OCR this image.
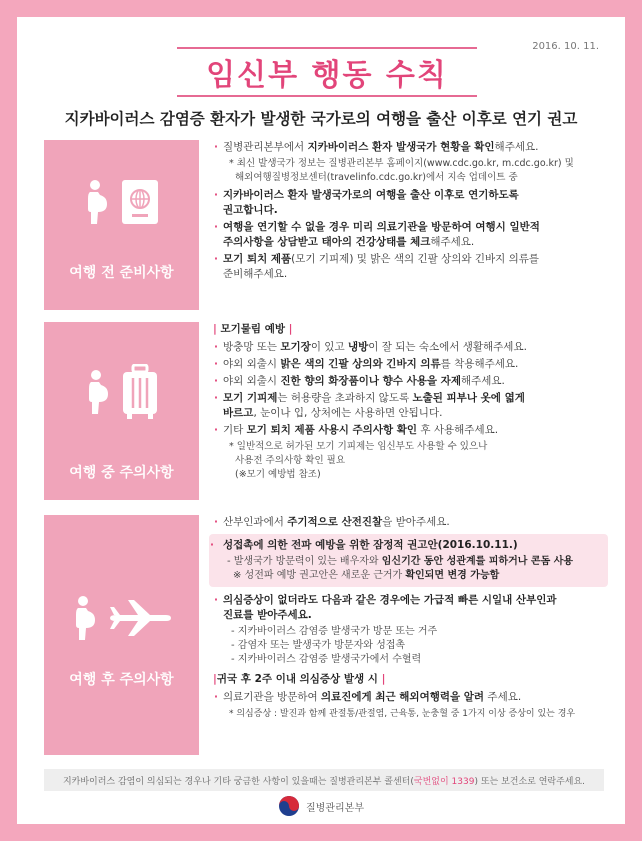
2016. 10. 11.
임신부 행동 수칙
지카바이러스 감염증 환자가 발생한 국가로의 여행을 출산 이후로 연기 권고
여행 전 준비사항
여행 중 주의사항
여행 후 주의사항
· 질병관리본부에서 지카바이러스 환자 발생국가 현황을 확인해주세요.
* 최신 발생국가 정보는 질병관리본부 홈페이지(www.cdc.go.kr, m.cdc.go.kr) 및
해외여행질병정보센터(travelinfo.cdc.go.kr)에서 지속 업데이트 중
· 지카바이러스 환자 발생국가로의 여행을 출산 이후로 연기하도록
권고합니다.
· 여행을 연기할 수 없을 경우 미리 의료기관을 방문하여 여행시 일반적
주의사항을 상담받고 태아의 건강상태를 체크해주세요.
· 모기 퇴치 제품(모기 기피제) 및 밝은 색의 긴팔 상의와 긴바지 의류를
준비해주세요.
| 모기물림 예방 |
· 방충망 또는 모기장이 있고 냉방이 잘 되는 숙소에서 생활해주세요.
· 야외 외출시 밝은 색의 긴팔 상의와 긴바지 의류를 착용해주세요.
· 야외 외출시 진한 향의 화장품이나 향수 사용을 자제해주세요.
· 모기 기피제는 허용량을 초과하지 않도록 노출된 피부나 옷에 엷게
바르고, 눈이나 입, 상처에는 사용하면 안됩니다.
· 기타 모기 퇴치 제품 사용시 주의사항 확인 후 사용해주세요.
* 일반적으로 허가된 모기 기피제는 임신부도 사용할 수 있으나
사용전 주의사항 확인 필요
(※모기 예방법 참조)
· 산부인과에서 주기적으로 산전진찰을 받아주세요.
· 성접촉에 의한 전파 예방을 위한 잠정적 권고안(2016.10.11.)
- 발생국가 방문력이 있는 배우자와 임신기간 동안 성관계를 피하거나 콘돔 사용
※ 성전파 예방 권고안은 새로운 근거가 확인되면 변경 가능함
· 의심증상이 없더라도 다음과 같은 경우에는 가급적 빠른 시일내 산부인과
진료를 받아주세요.
- 지카바이러스 감염증 발생국가 방문 또는 거주
- 감염자 또는 발생국가 방문자와 성접촉
- 지카바이러스 감염증 발생국가에서 수혈력
|귀국 후 2주 이내 의심증상 발생 시 |
· 의료기관을 방문하여 의료진에게 최근 해외여행력을 알려 주세요.
* 의심증상 : 발진과 함께 관절통/관절염, 근육통, 눈충혈 중 1가지 이상 증상이 있는 경우
지카바이러스 감염이 의심되는 경우나 기타 궁금한 사항이 있을때는 질병관리본부 콜센터( 국번없이 1339 ) 또는 보건소로 연락주세요.
질병관리본부
